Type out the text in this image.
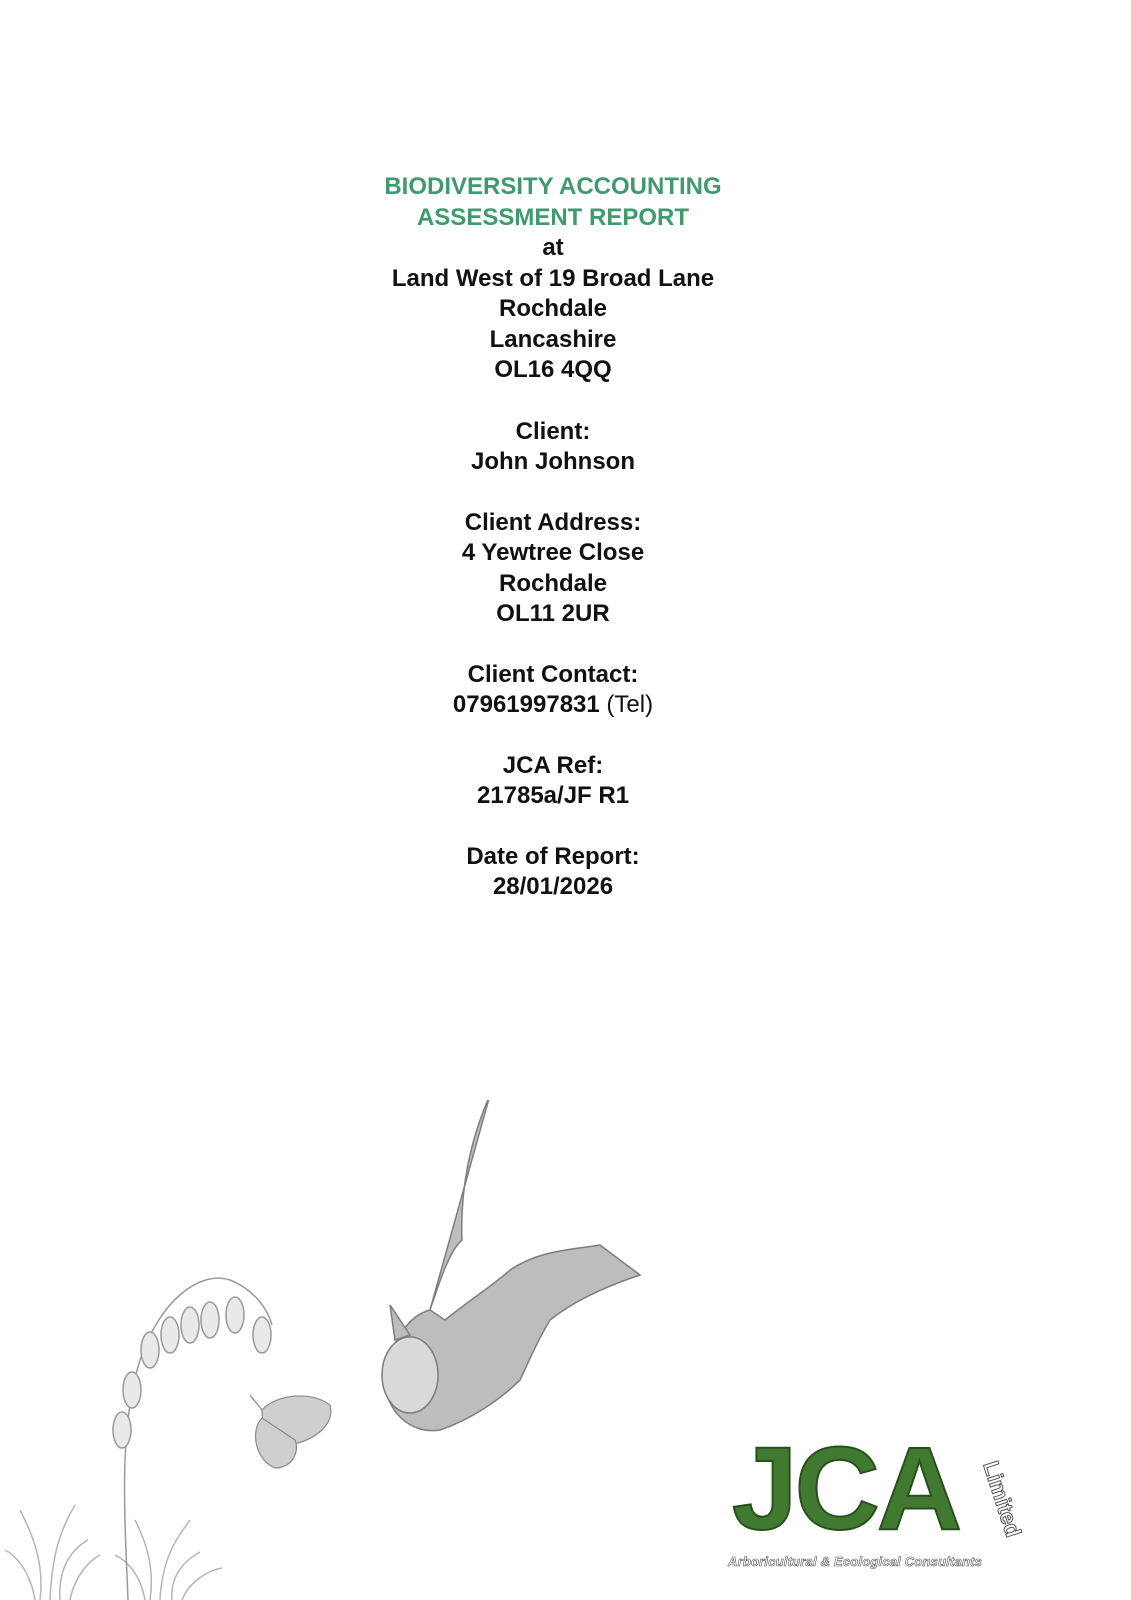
BIODIVERSITY ACCOUNTING
ASSESSMENT REPORT
at
Land West of 19 Broad Lane
Rochdale
Lancashire
OL16 4QQ
Client:
John Johnson
Client Address:
4 Yewtree Close
Rochdale
OL11 2UR
Client Contact:
07961997831 (Tel)
JCA Ref:
21785a/JF R1
Date of Report:
28/01/2026
JCA Limited
Arboricultural & Ecological Consultants
